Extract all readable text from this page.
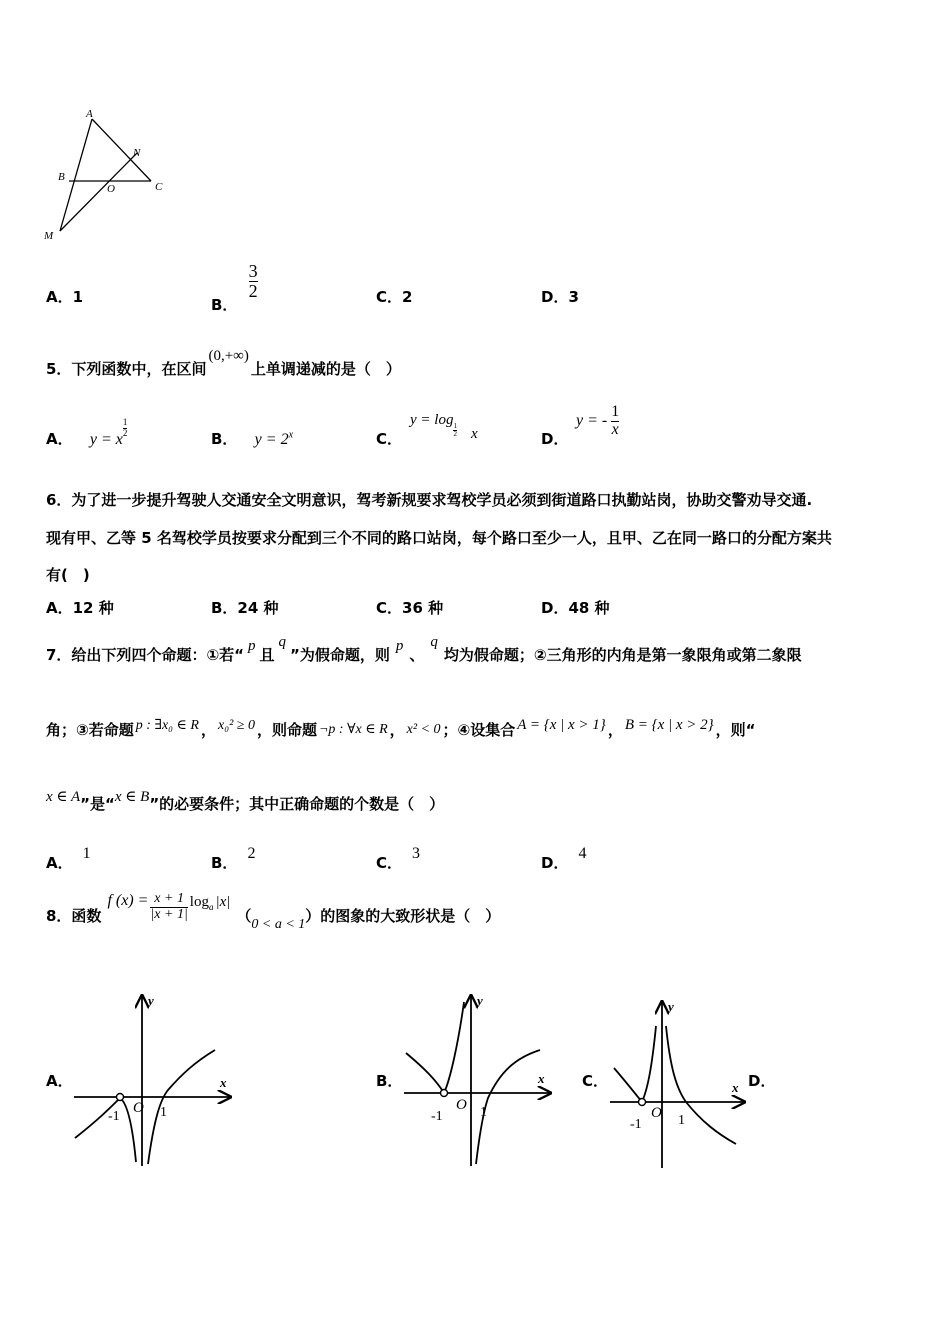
A
N
B
O	C
M
A．1	B．
$\frac{3}{2}$	C．2	D．3
5．下列函数中，在区间(0,+∞)上单调递减的是（　）
A． y = x
$\frac{1}{2}$
B． $y = 2^x$	C．
y = log
$\frac{1}{2}$ x	D．
y = - $\frac{1}{x}$
6．为了进一步提升驾驶人交通安全文明意识，驾考新规要求驾校学员必须到街道路口执勤站岗，协助交警劝导交通.
现有甲、乙等 5 名驾校学员按要求分配到三个不同的路口站岗，每个路口至少一人，且甲、乙在同一路口的分配方案共
有(　)
A．12 种	B．24 种	C．36 种	D．48 种
7．给出下列四个命题：①若“ p 且q”为假命题，则 p 、q均为假命题；②三角形的内角是第一象限角或第二象限
角；③若命题 p : ∃x₀ ∈ R ， x₀² ≥ 0 ，则命题 ¬p : ∀x ∈ R ， x² < 0 ；④设集合 A = {x | x > 1} ， B = {x | x > 2} ，则“
x ∈ A”是“x ∈ B”的必要条件；其中正确命题的个数是（　）
A．1
B．2
C．3
D．4
8．函数
f $(x) = \frac{x + 1}{|x + 1|} \log_a |x|$
（ 0 < a < 1 ）的图象的大致形状是（　）
A．	B．	C．	D．
x
y
-1
O 1
x
y
-1
O 1
x
y
-1
O 1
